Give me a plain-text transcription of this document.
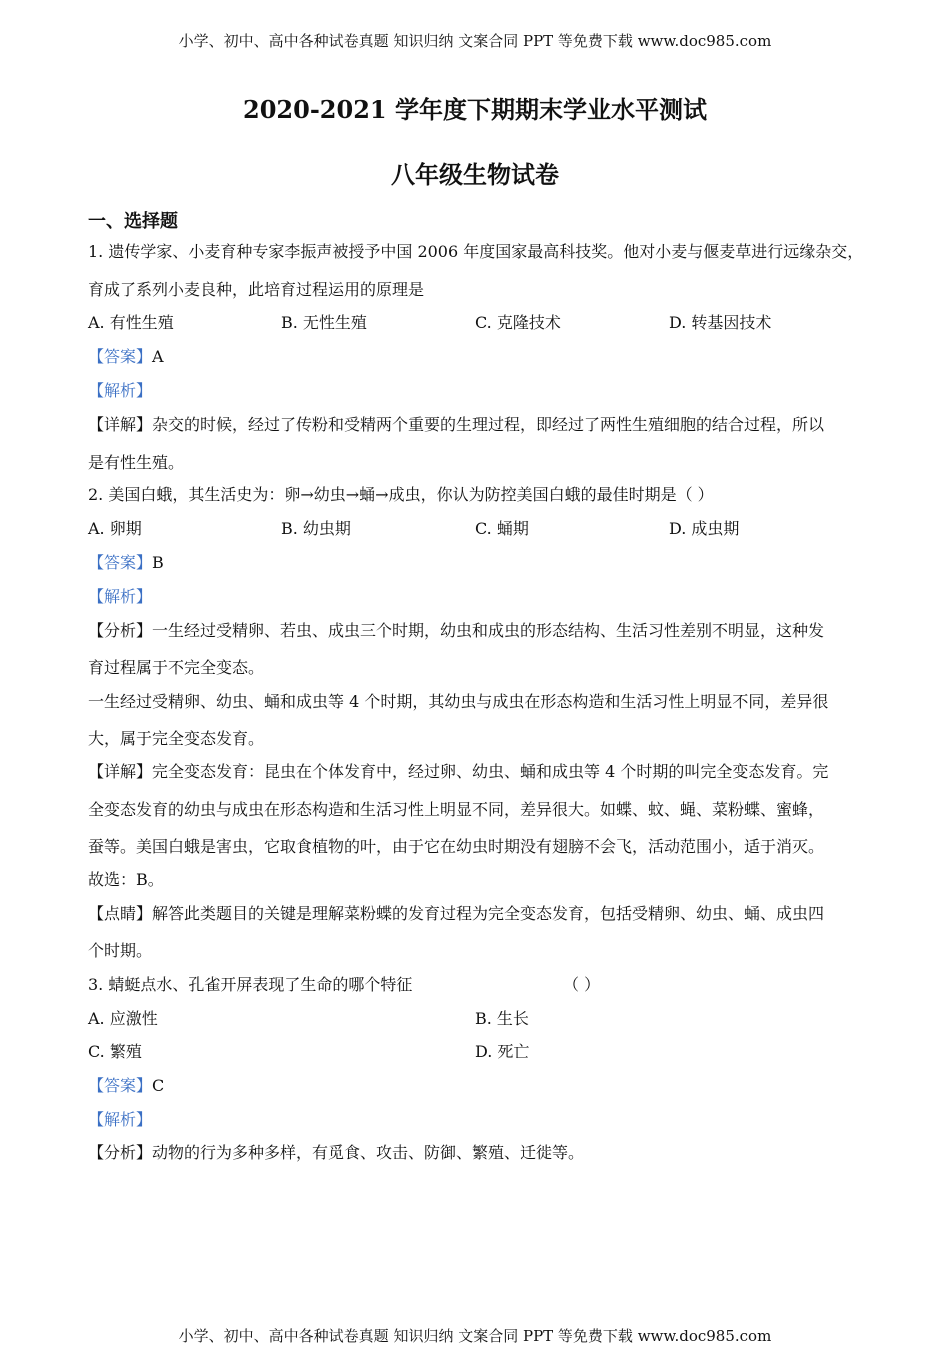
小学、初中、高中各种试卷真题 知识归纳 文案合同 PPT 等免费下载 www.doc985.com
2020-2021 学年度下期期末学业水平测试
八年级生物试卷
一、选择题
1. 遗传学家、小麦育种专家李振声被授予中国 2006 年度国家最高科技奖。他对小麦与偃麦草进行远缘杂交，
育成了系列小麦良种，此培育过程运用的原理是
A. 有性生殖	B. 无性生殖	C. 克隆技术	D. 转基因技术
【答案】A
【解析】
【详解】杂交的时候，经过了传粉和受精两个重要的生理过程，即经过了两性生殖细胞的结合过程，所以
是有性生殖。
2. 美国白蛾，其生活史为：卵→幼虫→蛹→成虫，你认为防控美国白蛾的最佳时期是（ ）
A. 卵期	B. 幼虫期	C. 蛹期	D. 成虫期
【答案】B
【解析】
【分析】一生经过受精卵、若虫、成虫三个时期，幼虫和成虫的形态结构、生活习性差别不明显，这种发
育过程属于不完全变态。
一生经过受精卵、幼虫、蛹和成虫等 4 个时期，其幼虫与成虫在形态构造和生活习性上明显不同，差异很
大，属于完全变态发育。
【详解】完全变态发育：昆虫在个体发育中，经过卵、幼虫、蛹和成虫等 4 个时期的叫完全变态发育。完
全变态发育的幼虫与成虫在形态构造和生活习性上明显不同，差异很大。如蝶、蚊、蝇、菜粉蝶、蜜蜂，
蚕等。美国白蛾是害虫，它取食植物的叶，由于它在幼虫时期没有翅膀不会飞，活动范围小，适于消灭。
故选：B。
【点睛】解答此类题目的关键是理解菜粉蝶的发育过程为完全变态发育，包括受精卵、幼虫、蛹、成虫四
个时期。
3. 蜻蜓点水、孔雀开屏表现了生命的哪个特征	（ ）
A. 应激性	B. 生长
C. 繁殖	D. 死亡
【答案】C
【解析】
【分析】动物的行为多种多样，有觅食、攻击、防御、繁殖、迁徙等。
小学、初中、高中各种试卷真题 知识归纳 文案合同 PPT 等免费下载 www.doc985.com
